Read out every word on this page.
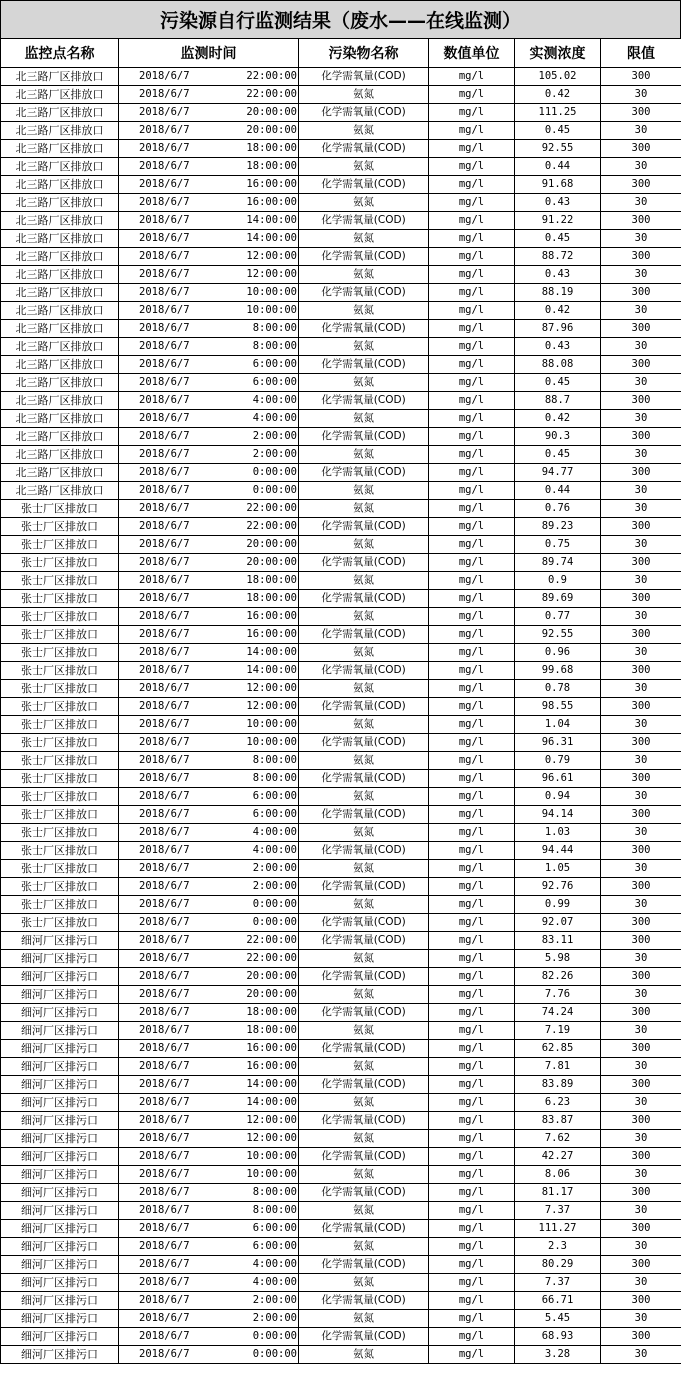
污染源自行监测结果（废水——在线监测）
监控点名称	监测时间	污染物名称	数值单位	实测浓度	限值
北三路厂区排放口	2018/6/7 22:00:00	化学需氧量(COD)	mg/l	105.02	300
北三路厂区排放口	2018/6/7 22:00:00	氨氮	mg/l	0.42	30
北三路厂区排放口	2018/6/7 20:00:00	化学需氧量(COD)	mg/l	111.25	300
北三路厂区排放口	2018/6/7 20:00:00	氨氮	mg/l	0.45	30
北三路厂区排放口	2018/6/7 18:00:00	化学需氧量(COD)	mg/l	92.55	300
北三路厂区排放口	2018/6/7 18:00:00	氨氮	mg/l	0.44	30
北三路厂区排放口	2018/6/7 16:00:00	化学需氧量(COD)	mg/l	91.68	300
北三路厂区排放口	2018/6/7 16:00:00	氨氮	mg/l	0.43	30
北三路厂区排放口	2018/6/7 14:00:00	化学需氧量(COD)	mg/l	91.22	300
北三路厂区排放口	2018/6/7 14:00:00	氨氮	mg/l	0.45	30
北三路厂区排放口	2018/6/7 12:00:00	化学需氧量(COD)	mg/l	88.72	300
北三路厂区排放口	2018/6/7 12:00:00	氨氮	mg/l	0.43	30
北三路厂区排放口	2018/6/7 10:00:00	化学需氧量(COD)	mg/l	88.19	300
北三路厂区排放口	2018/6/7 10:00:00	氨氮	mg/l	0.42	30
北三路厂区排放口	2018/6/7 8:00:00	化学需氧量(COD)	mg/l	87.96	300
北三路厂区排放口	2018/6/7 8:00:00	氨氮	mg/l	0.43	30
北三路厂区排放口	2018/6/7 6:00:00	化学需氧量(COD)	mg/l	88.08	300
北三路厂区排放口	2018/6/7 6:00:00	氨氮	mg/l	0.45	30
北三路厂区排放口	2018/6/7 4:00:00	化学需氧量(COD)	mg/l	88.7	300
北三路厂区排放口	2018/6/7 4:00:00	氨氮	mg/l	0.42	30
北三路厂区排放口	2018/6/7 2:00:00	化学需氧量(COD)	mg/l	90.3	300
北三路厂区排放口	2018/6/7 2:00:00	氨氮	mg/l	0.45	30
北三路厂区排放口	2018/6/7 0:00:00	化学需氧量(COD)	mg/l	94.77	300
北三路厂区排放口	2018/6/7 0:00:00	氨氮	mg/l	0.44	30
张士厂区排放口	2018/6/7 22:00:00	氨氮	mg/l	0.76	30
张士厂区排放口	2018/6/7 22:00:00	化学需氧量(COD)	mg/l	89.23	300
张士厂区排放口	2018/6/7 20:00:00	氨氮	mg/l	0.75	30
张士厂区排放口	2018/6/7 20:00:00	化学需氧量(COD)	mg/l	89.74	300
张士厂区排放口	2018/6/7 18:00:00	氨氮	mg/l	0.9	30
张士厂区排放口	2018/6/7 18:00:00	化学需氧量(COD)	mg/l	89.69	300
张士厂区排放口	2018/6/7 16:00:00	氨氮	mg/l	0.77	30
张士厂区排放口	2018/6/7 16:00:00	化学需氧量(COD)	mg/l	92.55	300
张士厂区排放口	2018/6/7 14:00:00	氨氮	mg/l	0.96	30
张士厂区排放口	2018/6/7 14:00:00	化学需氧量(COD)	mg/l	99.68	300
张士厂区排放口	2018/6/7 12:00:00	氨氮	mg/l	0.78	30
张士厂区排放口	2018/6/7 12:00:00	化学需氧量(COD)	mg/l	98.55	300
张士厂区排放口	2018/6/7 10:00:00	氨氮	mg/l	1.04	30
张士厂区排放口	2018/6/7 10:00:00	化学需氧量(COD)	mg/l	96.31	300
张士厂区排放口	2018/6/7 8:00:00	氨氮	mg/l	0.79	30
张士厂区排放口	2018/6/7 8:00:00	化学需氧量(COD)	mg/l	96.61	300
张士厂区排放口	2018/6/7 6:00:00	氨氮	mg/l	0.94	30
张士厂区排放口	2018/6/7 6:00:00	化学需氧量(COD)	mg/l	94.14	300
张士厂区排放口	2018/6/7 4:00:00	氨氮	mg/l	1.03	30
张士厂区排放口	2018/6/7 4:00:00	化学需氧量(COD)	mg/l	94.44	300
张士厂区排放口	2018/6/7 2:00:00	氨氮	mg/l	1.05	30
张士厂区排放口	2018/6/7 2:00:00	化学需氧量(COD)	mg/l	92.76	300
张士厂区排放口	2018/6/7 0:00:00	氨氮	mg/l	0.99	30
张士厂区排放口	2018/6/7 0:00:00	化学需氧量(COD)	mg/l	92.07	300
细河厂区排污口	2018/6/7 22:00:00	化学需氧量(COD)	mg/l	83.11	300
细河厂区排污口	2018/6/7 22:00:00	氨氮	mg/l	5.98	30
细河厂区排污口	2018/6/7 20:00:00	化学需氧量(COD)	mg/l	82.26	300
细河厂区排污口	2018/6/7 20:00:00	氨氮	mg/l	7.76	30
细河厂区排污口	2018/6/7 18:00:00	化学需氧量(COD)	mg/l	74.24	300
细河厂区排污口	2018/6/7 18:00:00	氨氮	mg/l	7.19	30
细河厂区排污口	2018/6/7 16:00:00	化学需氧量(COD)	mg/l	62.85	300
细河厂区排污口	2018/6/7 16:00:00	氨氮	mg/l	7.81	30
细河厂区排污口	2018/6/7 14:00:00	化学需氧量(COD)	mg/l	83.89	300
细河厂区排污口	2018/6/7 14:00:00	氨氮	mg/l	6.23	30
细河厂区排污口	2018/6/7 12:00:00	化学需氧量(COD)	mg/l	83.87	300
细河厂区排污口	2018/6/7 12:00:00	氨氮	mg/l	7.62	30
细河厂区排污口	2018/6/7 10:00:00	化学需氧量(COD)	mg/l	42.27	300
细河厂区排污口	2018/6/7 10:00:00	氨氮	mg/l	8.06	30
细河厂区排污口	2018/6/7 8:00:00	化学需氧量(COD)	mg/l	81.17	300
细河厂区排污口	2018/6/7 8:00:00	氨氮	mg/l	7.37	30
细河厂区排污口	2018/6/7 6:00:00	化学需氧量(COD)	mg/l	111.27	300
细河厂区排污口	2018/6/7 6:00:00	氨氮	mg/l	2.3	30
细河厂区排污口	2018/6/7 4:00:00	化学需氧量(COD)	mg/l	80.29	300
细河厂区排污口	2018/6/7 4:00:00	氨氮	mg/l	7.37	30
细河厂区排污口	2018/6/7 2:00:00	化学需氧量(COD)	mg/l	66.71	300
细河厂区排污口	2018/6/7 2:00:00	氨氮	mg/l	5.45	30
细河厂区排污口	2018/6/7 0:00:00	化学需氧量(COD)	mg/l	68.93	300
细河厂区排污口	2018/6/7 0:00:00	氨氮	mg/l	3.28	30
